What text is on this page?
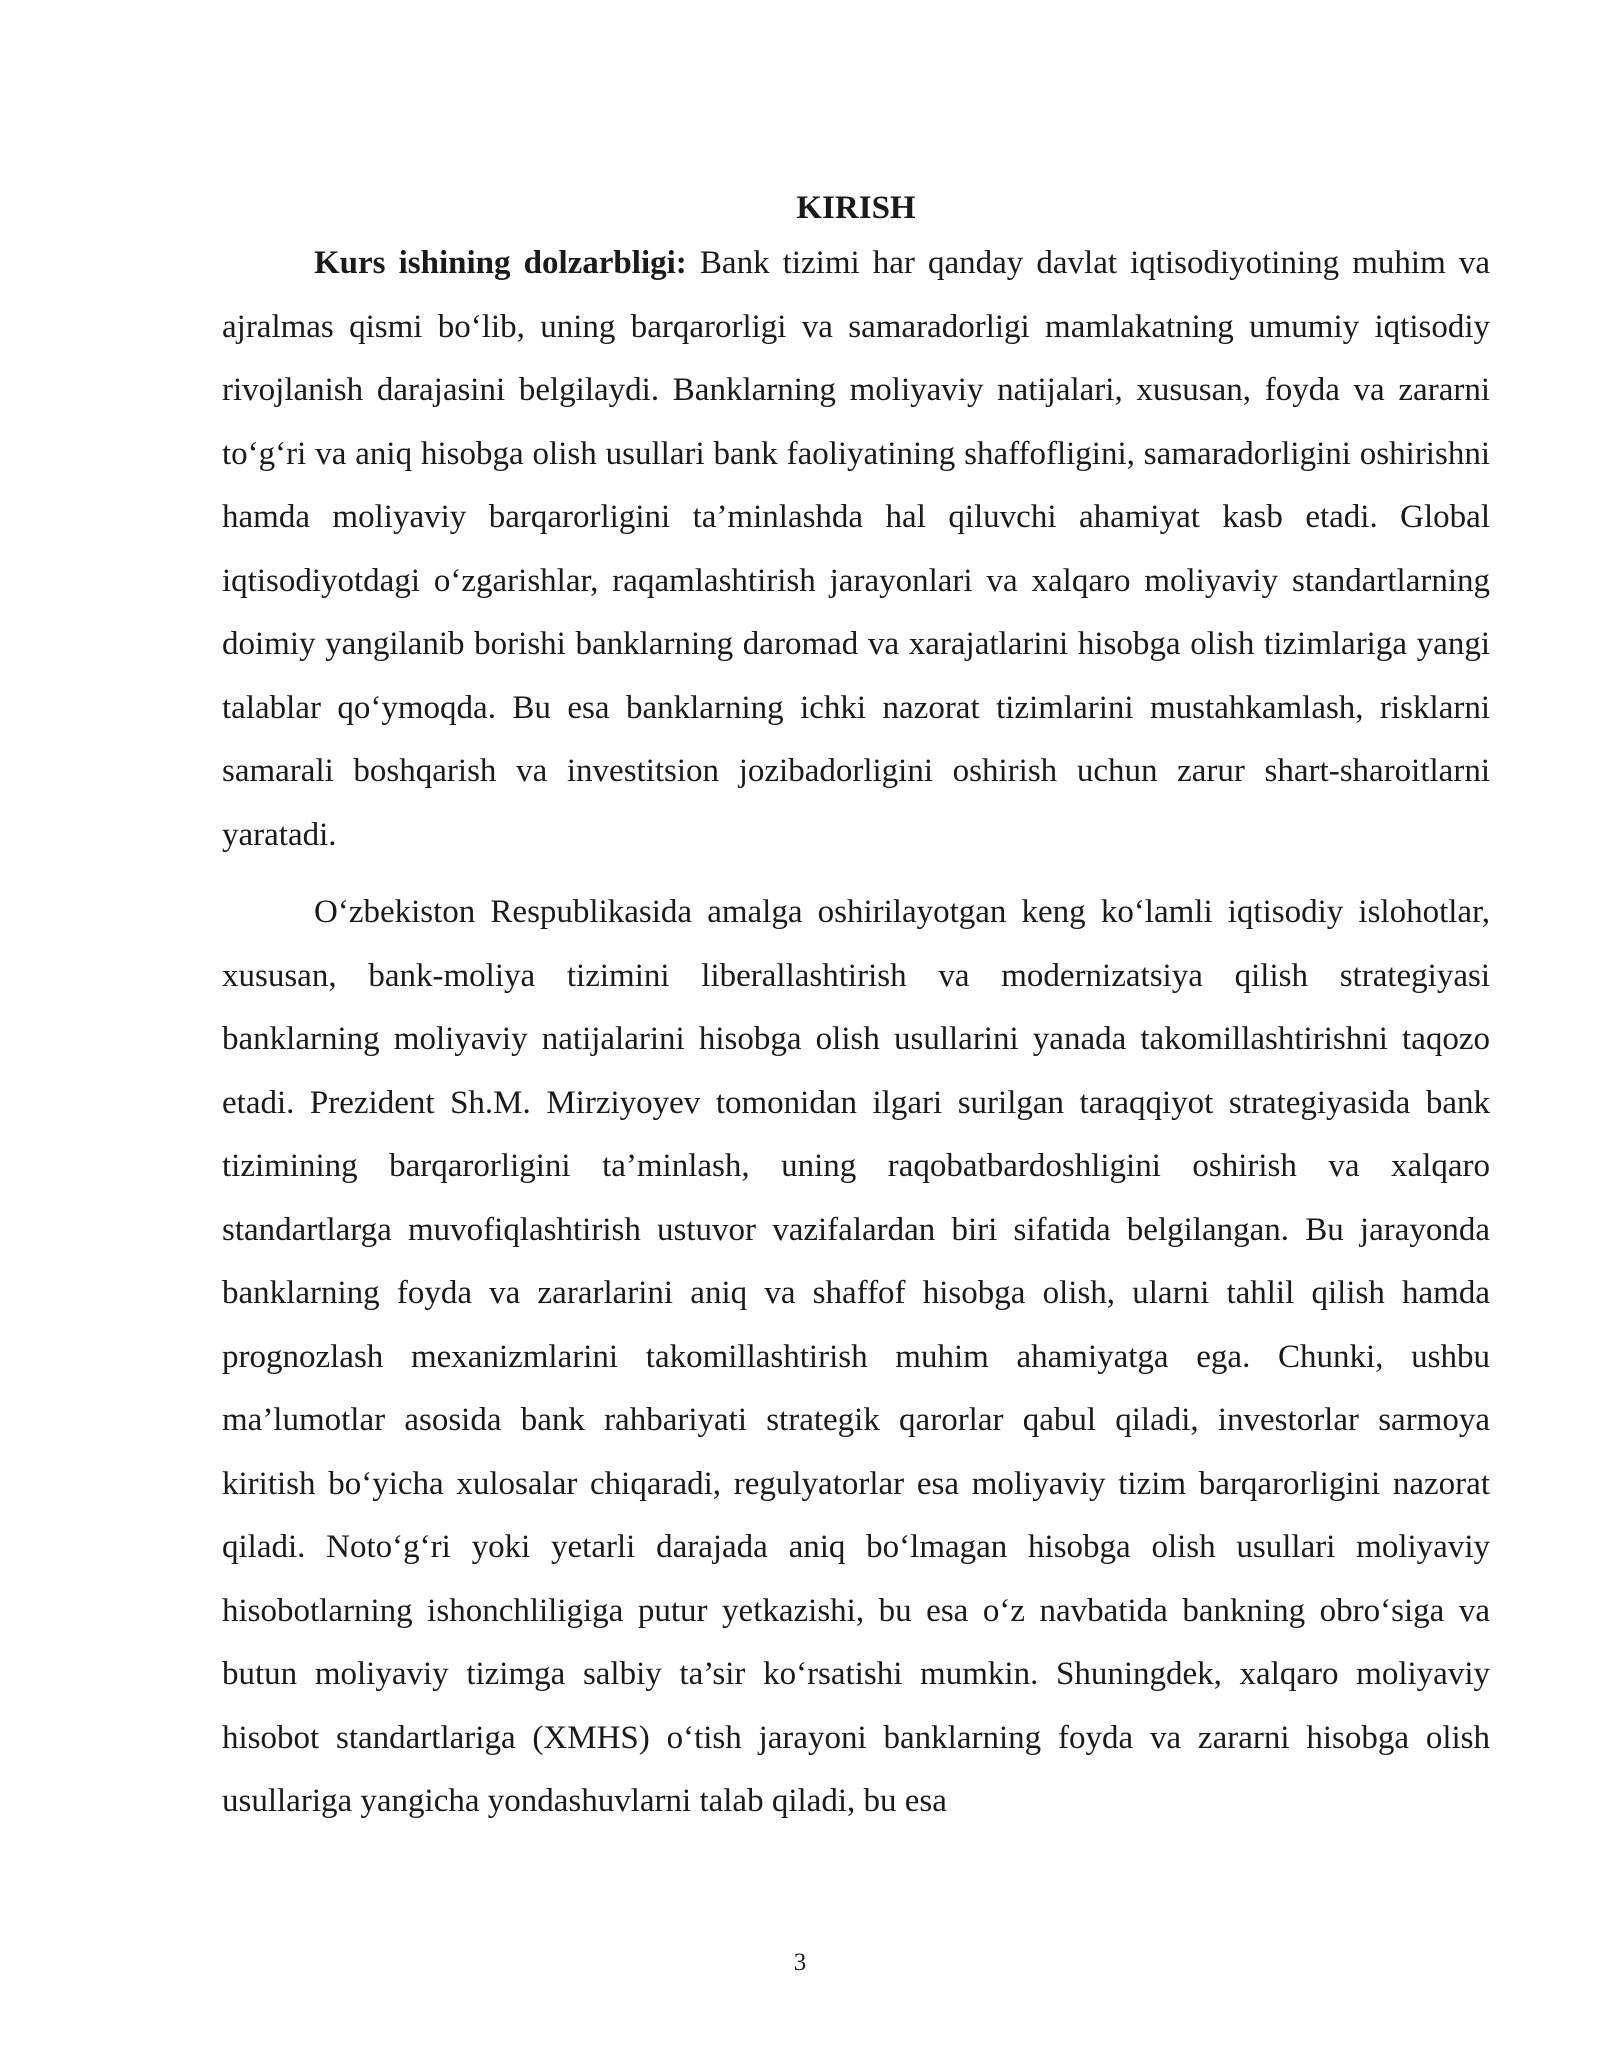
KIRISH

Kurs ishining dolzarbligi: Bank tizimi har qanday davlat iqtisodiyotining muhim va ajralmas qismi bo‘lib, uning barqarorligi va samaradorligi mamlakatning umumiy iqtisodiy rivojlanish darajasini belgilaydi. Banklarning moliyaviy natijalari, xususan, foyda va zararni to‘g‘ri va aniq hisobga olish usullari bank faoliyatining shaffofligini, samaradorligini oshirishni hamda moliyaviy barqarorligini ta’minlashda hal qiluvchi ahamiyat kasb etadi. Global iqtisodiyotdagi o‘zgarishlar, raqamlashtirish jarayonlari va xalqaro moliyaviy standartlarning doimiy yangilanib borishi banklarning daromad va xarajatlarini hisobga olish tizimlariga yangi talablar qo‘ymoqda. Bu esa banklarning ichki nazorat tizimlarini mustahkamlash, risklarni samarali boshqarish va investitsion jozibadorligini oshirish uchun zarur shart-sharoitlarni yaratadi.

O‘zbekiston Respublikasida amalga oshirilayotgan keng ko‘lamli iqtisodiy islohotlar, xususan, bank-moliya tizimini liberallashtirish va modernizatsiya qilish strategiyasi banklarning moliyaviy natijalarini hisobga olish usullarini yanada takomillashtirishni taqozo etadi. Prezident Sh.M. Mirziyoyev tomonidan ilgari surilgan taraqqiyot strategiyasida bank tizimining barqarorligini ta’minlash, uning raqobatbardoshligini oshirish va xalqaro standartlarga muvofiqlashtirish ustuvor vazifalardan biri sifatida belgilangan. Bu jarayonda banklarning foyda va zararlarini aniq va shaffof hisobga olish, ularni tahlil qilish hamda prognozlash mexanizmlarini takomillashtirish muhim ahamiyatga ega. Chunki, ushbu ma’lumotlar asosida bank rahbariyati strategik qarorlar qabul qiladi, investorlar sarmoya kiritish bo‘yicha xulosalar chiqaradi, regulyatorlar esa moliyaviy tizim barqarorligini nazorat qiladi. Noto‘g‘ri yoki yetarli darajada aniq bo‘lmagan hisobga olish usullari moliyaviy hisobotlarning ishonchliligiga putur yetkazishi, bu esa o‘z navbatida bankning obro‘siga va butun moliyaviy tizimga salbiy ta’sir ko‘rsatishi mumkin. Shuningdek, xalqaro moliyaviy hisobot standartlariga (XMHS) o‘tish jarayoni banklarning foyda va zararni hisobga olish usullariga yangicha yondashuvlarni talab qiladi, bu esa

3
